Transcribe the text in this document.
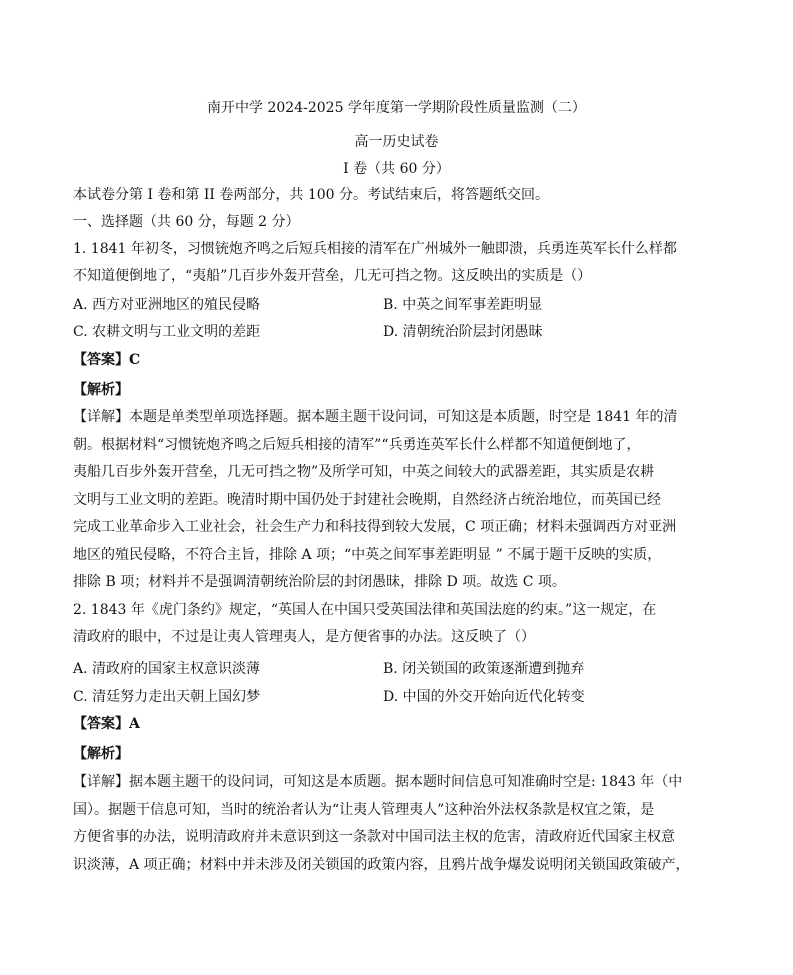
南开中学 2024-2025 学年度第一学期阶段性质量监测（二）
高一历史试卷
I 卷（共 60 分）
本试卷分第 I 卷和第 II 卷两部分，共 100 分。考试结束后，将答题纸交回。
一、选择题（共 60 分，每题 2 分）
1. 1841 年初冬，习惯铳炮齐鸣之后短兵相接的清军在广州城外一触即溃，兵勇连英军长什么样都
不知道便倒地了，“夷船”几百步外轰开营垒，几无可挡之物。这反映出的实质是（）
A. 西方对亚洲地区的殖民侵略	B. 中英之间军事差距明显
C. 农耕文明与工业文明的差距	D. 清朝统治阶层封闭愚昧
【答案】C
【解析】
【详解】本题是单类型单项选择题。据本题主题干设问词，可知这是本质题，时空是 1841 年的清
朝。根据材料“习惯铳炮齐鸣之后短兵相接的清军”“兵勇连英军长什么样都不知道便倒地了，
夷船几百步外轰开营垒，几无可挡之物”及所学可知，中英之间较大的武器差距，其实质是农耕
文明与工业文明的差距。晚清时期中国仍处于封建社会晚期，自然经济占统治地位，而英国已经
完成工业革命步入工业社会，社会生产力和科技得到较大发展，C 项正确；材料未强调西方对亚洲
地区的殖民侵略，不符合主旨，排除 A 项；“中英之间军事差距明显 ” 不属于题干反映的实质，
排除 B 项；材料并不是强调清朝统治阶层的封闭愚昧，排除 D 项。故选 C 项。
2. 1843 年《虎门条约》规定，“英国人在中国只受英国法律和英国法庭的约束。”这一规定，在
清政府的眼中，不过是让夷人管理夷人，是方便省事的办法。这反映了（）
A. 清政府的国家主权意识淡薄	B. 闭关锁国的政策逐渐遭到抛弃
C. 清廷努力走出天朝上国幻梦	D. 中国的外交开始向近代化转变
【答案】A
【解析】
【详解】据本题主题干的设问词，可知这是本质题。据本题时间信息可知准确时空是: 1843 年（中
国）。据题干信息可知，当时的统治者认为“让夷人管理夷人”这种治外法权条款是权宜之策，是
方便省事的办法，说明清政府并未意识到这一条款对中国司法主权的危害，清政府近代国家主权意
识淡薄，A 项正确；材料中并未涉及闭关锁国的政策内容，且鸦片战争爆发说明闭关锁国政策破产，
